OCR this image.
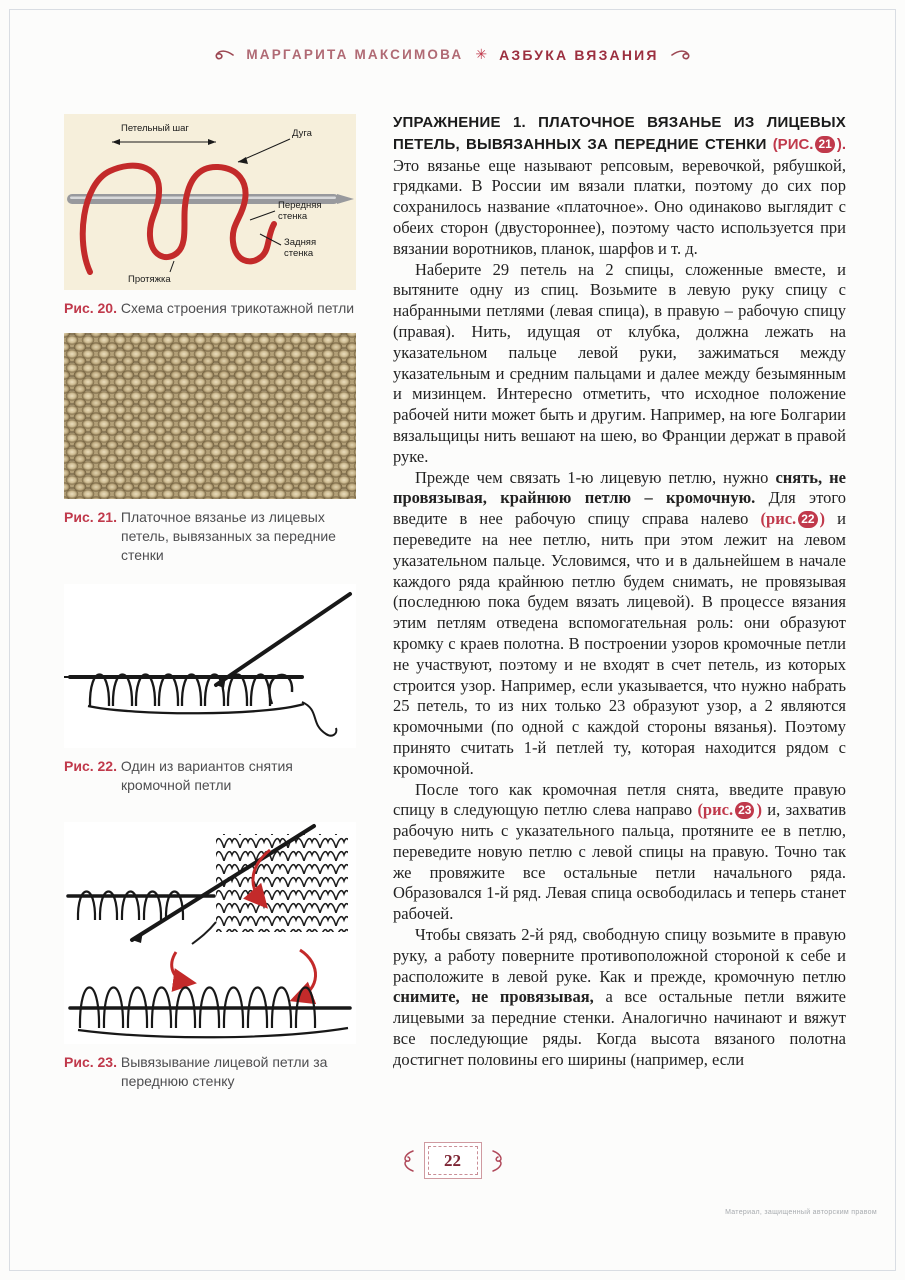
МАРГАРИТА МАКСИМОВА ✳ АЗБУКА ВЯЗАНИЯ
Петельный шаг	Дуга
Передняя
стенка
Задняя
стенка
Протяжка
Рис. 20. Схема строения трикотажной петли
Рис. 21. Платочное вязанье из лицевых петель, вывязанных за передние стенки
Рис. 22. Один из вариантов снятия кромочной петли
Рис. 23. Вывязывание лицевой петли за переднюю стенку

УПРАЖНЕНИЕ 1. ПЛАТОЧНОЕ ВЯЗАНЬЕ ИЗ ЛИЦЕВЫХ ПЕТЕЛЬ, ВЫВЯЗАННЫХ ЗА ПЕРЕДНИЕ СТЕНКИ (РИС. 21 ). Это вязанье еще называют репсовым, веревочкой, рябушкой, грядками. В России им вязали платки, поэтому до сих пор сохранилось название «платочное». Оно одинаково выглядит с обеих сторон (двустороннее), поэтому часто используется при вязании воротников, планок, шарфов и т. д.

Наберите 29 петель на 2 спицы, сложенные вместе, и вытяните одну из спиц. Возьмите в левую руку спицу с набранными петлями (левая спица), в правую – рабочую спицу (правая). Нить, идущая от клубка, должна лежать на указательном пальце левой руки, зажиматься между указательным и средним пальцами и далее между безымянным и мизинцем. Интересно отметить, что исходное положение рабочей нити может быть и другим. Например, на юге Болгарии вязальщицы нить вешают на шею, во Франции держат в правой руке.

Прежде чем связать 1-ю лицевую петлю, нужно снять, не провязывая, крайнюю петлю – кромочную. Для этого введите в нее рабочую спицу справа налево (рис. 22 ) и переведите на нее петлю, нить при этом лежит на левом указательном пальце. Условимся, что и в дальнейшем в начале каждого ряда крайнюю петлю будем снимать, не провязывая (последнюю пока будем вязать лицевой). В процессе вязания этим петлям отведена вспомогательная роль: они образуют кромку с краев полотна. В построении узоров кромочные петли не участвуют, поэтому и не входят в счет петель, из которых строится узор. Например, если указывается, что нужно набрать 25 петель, то из них только 23 образуют узор, а 2 являются кромочными (по одной с каждой стороны вязанья). Поэтому принято считать 1-й петлей ту, которая находится рядом с кромочной.

После того как кромочная петля снята, введите правую спицу в следующую петлю слева направо (рис. 23 ) и, захватив рабочую нить с указательного пальца, протяните ее в петлю, переведите новую петлю с левой спицы на правую. Точно так же провяжите все остальные петли начального ряда. Образовался 1-й ряд. Левая спица освободилась и теперь станет рабочей.

Чтобы связать 2-й ряд, свободную спицу возьмите в правую руку, а работу поверните противоположной стороной к себе и расположите в левой руке. Как и прежде, кромочную петлю снимите, не провязывая, а все остальные петли вяжите лицевыми за передние стенки. Аналогично начинают и вяжут все последующие ряды. Когда высота вязаного полотна достигнет половины его ширины (например, если

22
Материал, защищенный авторским правом
